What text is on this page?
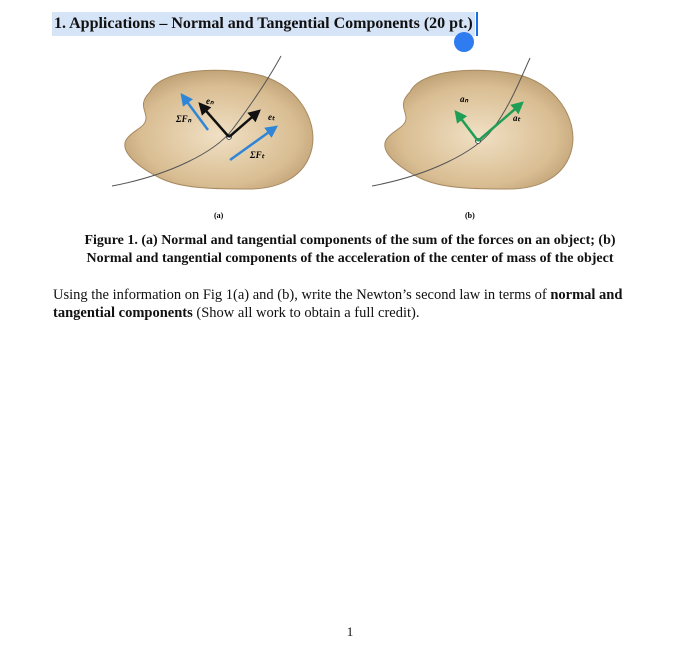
1. Applications – Normal and Tangential Components (20 pt.)
ΣFₙ
eₙ
eₜ
ΣFₜ
(a)
aₙ
aₜ
(b)
Figure 1. (a) Normal and tangential components of the sum of the forces on an object; (b)
Normal and tangential components of the acceleration of the center of mass of the object
Using the information on Fig 1(a) and (b), write the Newton’s second law in terms of normal and tangential components (Show all work to obtain a full credit).
1
